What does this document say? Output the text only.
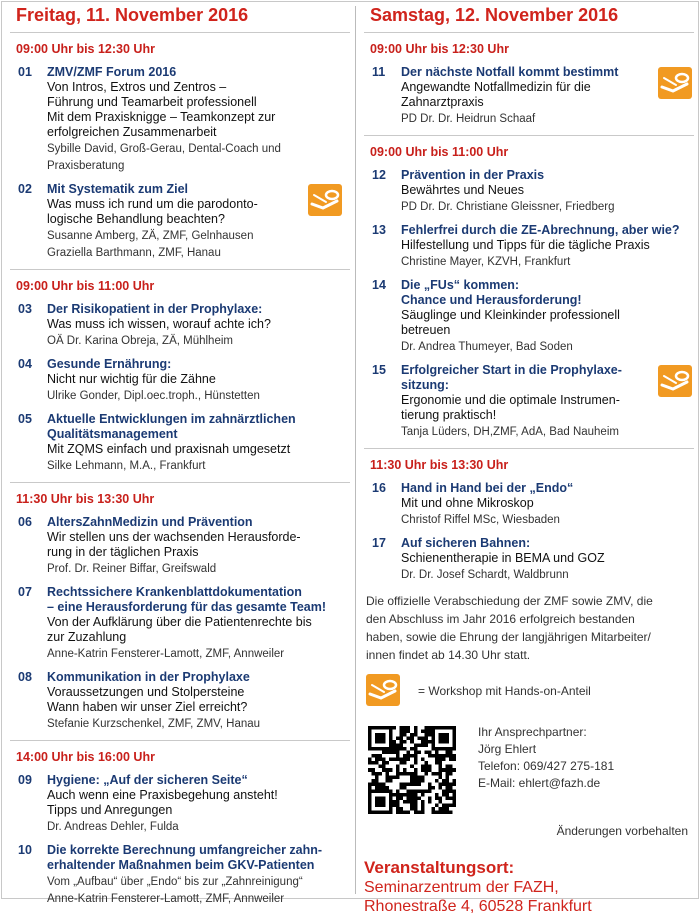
Freitag, 11. November 2016
09:00 Uhr bis 12:30 Uhr
01 ZMV/ZMF Forum 2016
Von Intros, Extros und Zentros –
Führung und Teamarbeit professionell
Mit dem Praxisknigge – Teamkonzept zur
erfolgreichen Zusammenarbeit
Sybille David, Groß-Gerau, Dental-Coach und
Praxisberatung
02 Mit Systematik zum Ziel
Was muss ich rund um die parodonto-
logische Behandlung beachten?
Susanne Amberg, ZÄ, ZMF, Gelnhausen
Graziella Barthmann, ZMF, Hanau
09:00 Uhr bis 11:00 Uhr
03 Der Risikopatient in der Prophylaxe:
Was muss ich wissen, worauf achte ich?
OÄ Dr. Karina Obreja, ZÄ, Mühlheim
04 Gesunde Ernährung:
Nicht nur wichtig für die Zähne
Ulrike Gonder, Dipl.oec.troph., Hünstetten
05 Aktuelle Entwicklungen im zahnärztlichen
Qualitätsmanagement
Mit ZQMS einfach und praxisnah umgesetzt
Silke Lehmann, M.A., Frankfurt
11:30 Uhr bis 13:30 Uhr
06 AltersZahnMedizin und Prävention
Wir stellen uns der wachsenden Herausforde-
rung in der täglichen Praxis
Prof. Dr. Reiner Biffar, Greifswald
07 Rechtssichere Krankenblattdokumentation
– eine Herausforderung für das gesamte Team!
Von der Aufklärung über die Patientenrechte bis
zur Zuzahlung
Anne-Katrin Fensterer-Lamott, ZMF, Annweiler
08 Kommunikation in der Prophylaxe
Voraussetzungen und Stolpersteine
Wann haben wir unser Ziel erreicht?
Stefanie Kurzschenkel, ZMF, ZMV, Hanau
14:00 Uhr bis 16:00 Uhr
09 Hygiene: „Auf der sicheren Seite“
Auch wenn eine Praxisbegehung ansteht!
Tipps und Anregungen
Dr. Andreas Dehler, Fulda
10 Die korrekte Berechnung umfangreicher zahn-
erhaltender Maßnahmen beim GKV-Patienten
Vom „Aufbau“ über „Endo“ bis zur „Zahnreinigung“
Anne-Katrin Fensterer-Lamott, ZMF, Annweiler
Samstag, 12. November 2016
09:00 Uhr bis 12:30 Uhr
11 Der nächste Notfall kommt bestimmt
Angewandte Notfallmedizin für die
Zahnarztpraxis
PD Dr. Dr. Heidrun Schaaf
09:00 Uhr bis 11:00 Uhr
12 Prävention in der Praxis
Bewährtes und Neues
PD Dr. Dr. Christiane Gleissner, Friedberg
13 Fehlerfrei durch die ZE-Abrechnung, aber wie?
Hilfestellung und Tipps für die tägliche Praxis
Christine Mayer, KZVH, Frankfurt
14 Die „FUs“ kommen:
Chance und Herausforderung!
Säuglinge und Kleinkinder professionell
betreuen
Dr. Andrea Thumeyer, Bad Soden
15 Erfolgreicher Start in die Prophylaxe-
sitzung:
Ergonomie und die optimale Instrumen-
tierung praktisch!
Tanja Lüders, DH,ZMF, AdA, Bad Nauheim
11:30 Uhr bis 13:30 Uhr
16 Hand in Hand bei der „Endo“
Mit und ohne Mikroskop
Christof Riffel MSc, Wiesbaden
17 Auf sicheren Bahnen:
Schienentherapie in BEMA und GOZ
Dr. Dr. Josef Schardt, Waldbrunn
Die offizielle Verabschiedung der ZMF sowie ZMV, die
den Abschluss im Jahr 2016 erfolgreich bestanden
haben, sowie die Ehrung der langjährigen Mitarbeiter/
innen findet ab 14.30 Uhr statt.
= Workshop mit Hands-on-Anteil
Ihr Ansprechpartner:
Jörg Ehlert
Telefon: 069/427 275-181
E-Mail: ehlert@fazh.de
Änderungen vorbehalten
Veranstaltungsort:
Seminarzentrum der FAZH,
Rhonestraße 4, 60528 Frankfurt
